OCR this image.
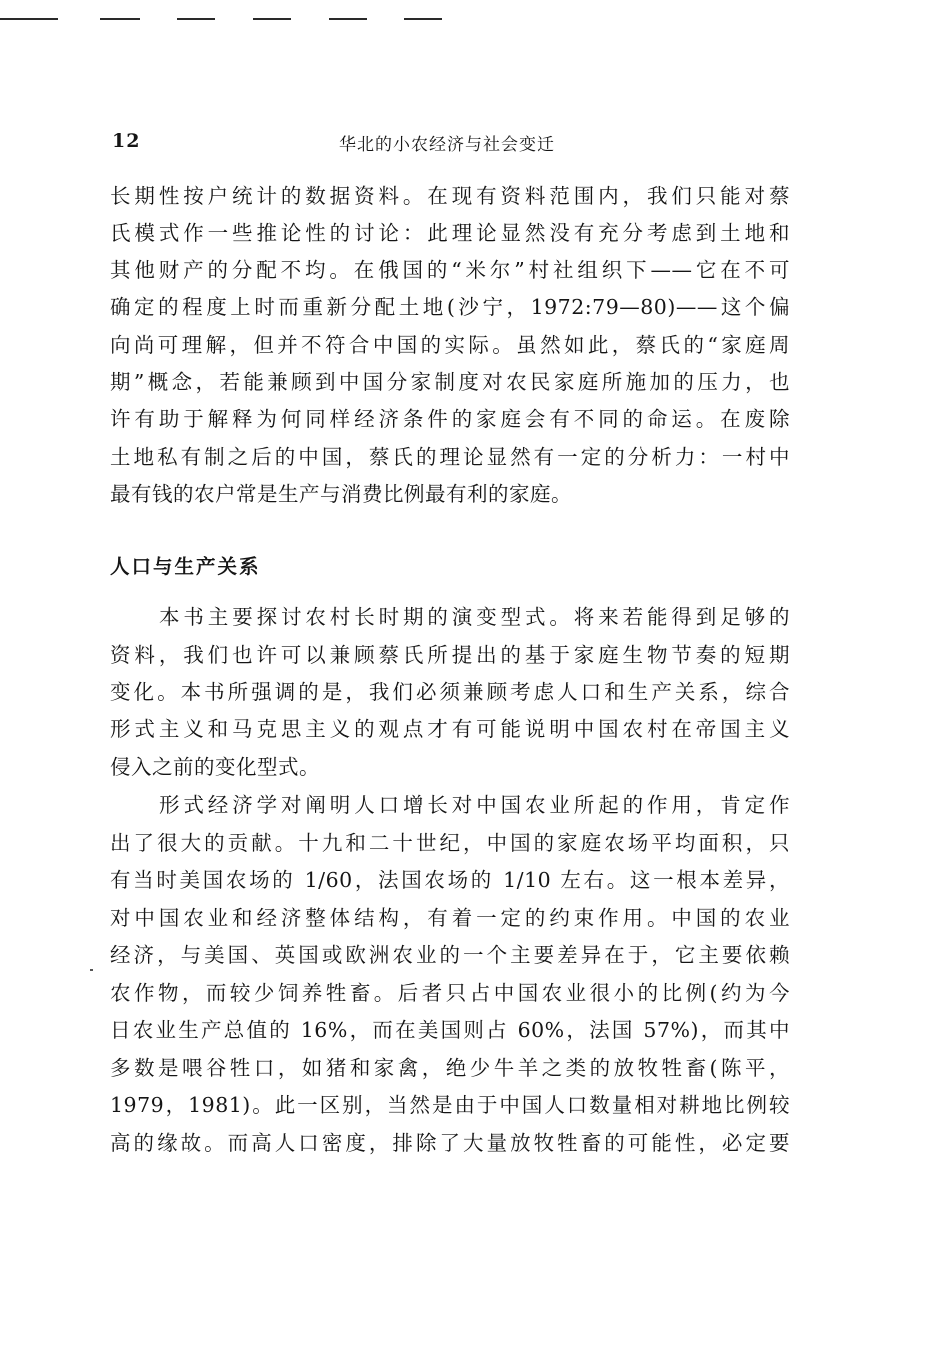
12	华北的小农经济与社会变迁
长期性按户统计的数据资料。在现有资料范围内，我们只能对蔡
氏模式作一些推论性的讨论：此理论显然没有充分考虑到土地和
其他财产的分配不均。在俄国的“米尔”村社组织下——它在不可
确定的程度上时而重新分配土地(沙宁，1972:79—80)——这个偏
向尚可理解，但并不符合中国的实际。虽然如此，蔡氏的“家庭周
期”概念，若能兼顾到中国分家制度对农民家庭所施加的压力，也
许有助于解释为何同样经济条件的家庭会有不同的命运。在废除
土地私有制之后的中国，蔡氏的理论显然有一定的分析力：一村中
最有钱的农户常是生产与消费比例最有利的家庭。
人口与生产关系
本书主要探讨农村长时期的演变型式。将来若能得到足够的
资料，我们也许可以兼顾蔡氏所提出的基于家庭生物节奏的短期
变化。本书所强调的是，我们必须兼顾考虑人口和生产关系，综合
形式主义和马克思主义的观点才有可能说明中国农村在帝国主义
侵入之前的变化型式。
形式经济学对阐明人口增长对中国农业所起的作用，肯定作
出了很大的贡献。十九和二十世纪，中国的家庭农场平均面积，只
有当时美国农场的 1/60，法国农场的 1/10 左右。这一根本差异，
对中国农业和经济整体结构，有着一定的约束作用。中国的农业
经济，与美国、英国或欧洲农业的一个主要差异在于，它主要依赖
农作物，而较少饲养牲畜。后者只占中国农业很小的比例(约为今
日农业生产总值的 16%，而在美国则占 60%，法国 57%)，而其中
多数是喂谷牲口，如猪和家禽，绝少牛羊之类的放牧牲畜(陈平，
1979，1981)。此一区别，当然是由于中国人口数量相对耕地比例较
高的缘故。而高人口密度，排除了大量放牧牲畜的可能性，必定要
